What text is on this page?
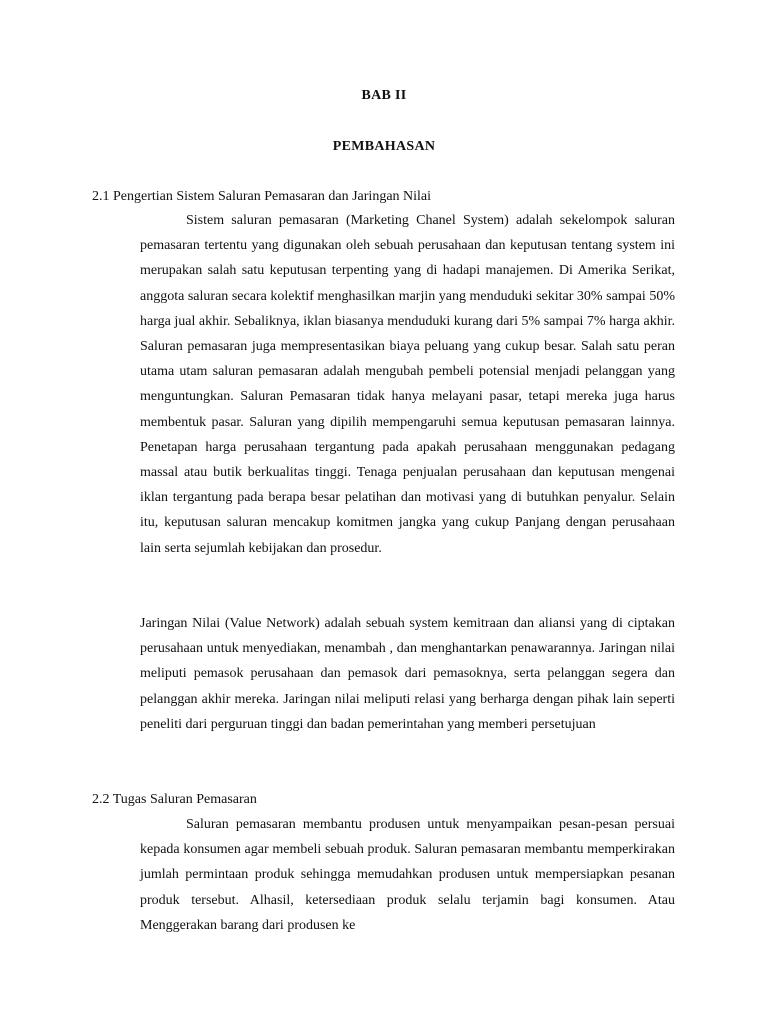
BAB II
PEMBAHASAN
2.1 Pengertian Sistem Saluran Pemasaran dan Jaringan Nilai

Sistem saluran pemasaran (Marketing Chanel System) adalah sekelompok saluran pemasaran tertentu yang digunakan oleh sebuah perusahaan dan keputusan tentang system ini merupakan salah satu keputusan terpenting yang di hadapi manajemen. Di Amerika Serikat, anggota saluran secara kolektif menghasilkan marjin yang menduduki sekitar 30% sampai 50% harga jual akhir. Sebaliknya, iklan biasanya menduduki kurang dari 5% sampai 7% harga akhir. Saluran pemasaran juga mempresentasikan biaya peluang yang cukup besar. Salah satu peran utama utam saluran pemasaran adalah mengubah pembeli potensial menjadi pelanggan yang menguntungkan. Saluran Pemasaran tidak hanya melayani pasar, tetapi mereka juga harus membentuk pasar. Saluran yang dipilih mempengaruhi semua keputusan pemasaran lainnya. Penetapan harga perusahaan tergantung pada apakah perusahaan menggunakan pedagang massal atau butik berkualitas tinggi. Tenaga penjualan perusahaan dan keputusan mengenai iklan tergantung pada berapa besar pelatihan dan motivasi yang di butuhkan penyalur. Selain itu, keputusan saluran mencakup komitmen jangka yang cukup Panjang dengan perusahaan lain serta sejumlah kebijakan dan prosedur.

Jaringan Nilai (Value Network) adalah sebuah system kemitraan dan aliansi yang di ciptakan perusahaan untuk menyediakan, menambah , dan menghantarkan penawarannya. Jaringan nilai meliputi pemasok perusahaan dan pemasok dari pemasoknya, serta pelanggan segera dan pelanggan akhir mereka. Jaringan nilai meliputi relasi yang berharga dengan pihak lain seperti peneliti dari perguruan tinggi dan badan pemerintahan yang memberi persetujuan

2.2 Tugas Saluran Pemasaran

Saluran pemasaran membantu produsen untuk menyampaikan pesan-pesan persuai kepada konsumen agar membeli sebuah produk. Saluran pemasaran membantu memperkirakan jumlah permintaan produk sehingga memudahkan produsen untuk mempersiapkan pesanan produk tersebut. Alhasil, ketersediaan produk selalu terjamin bagi konsumen. Atau Menggerakan barang dari produsen ke
